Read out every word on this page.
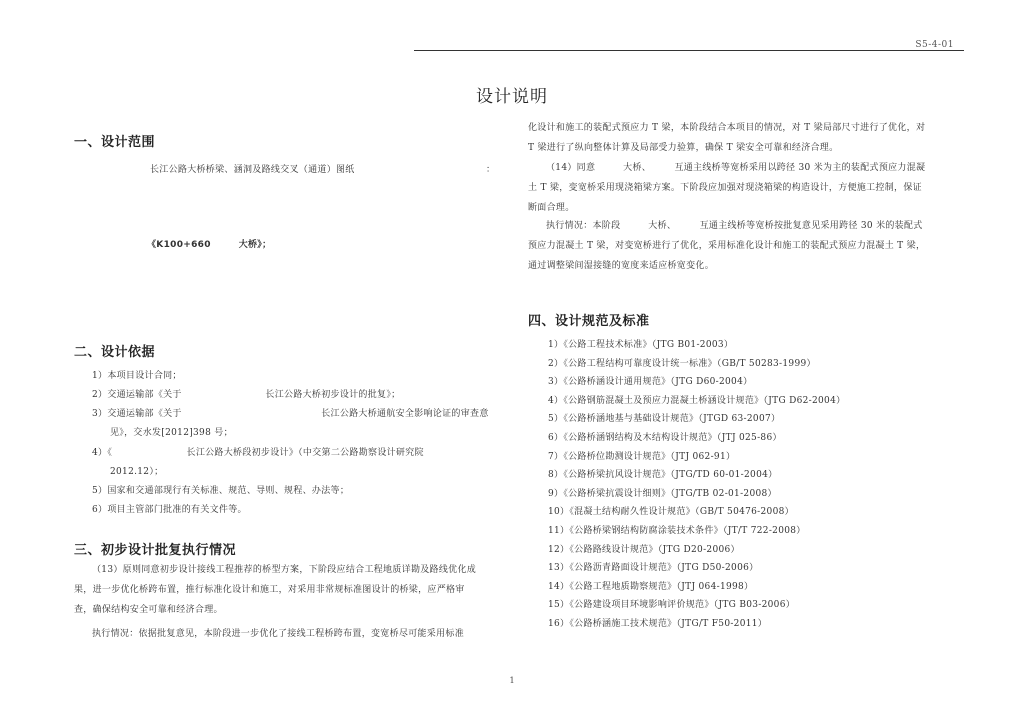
S5-4-01
设计说明
一、设计范围
长江公路大桥桥梁、涵洞及路线交叉（通道）图纸	：
《K100+660　　　大桥》；
二、设计依据
1）本项目设计合同；
2）交通运输部《关于　　　　　　　　　长江公路大桥初步设计的批复》；
3）交通运输部《关于　　　　　　　　　　　　　　　长江公路大桥通航安全影响论证的审查意
见》，交水发[2012]398 号；
4）《　　　　　　　　长江公路大桥段初步设计》（中交第二公路勘察设计研究院
2012.12）；
5）国家和交通部现行有关标准、规范、导则、规程、办法等；
6）项目主管部门批准的有关文件等。
三、初步设计批复执行情况
（13）原则同意初步设计接线工程推荐的桥型方案，下阶段应结合工程地质详勘及路线优化成
果，进一步优化桥跨布置，推行标准化设计和施工，对采用非常规标准图设计的桥梁，应严格审
查，确保结构安全可靠和经济合理。
执行情况：依据批复意见，本阶段进一步优化了接线工程桥跨布置，变宽桥尽可能采用标准
化设计和施工的装配式预应力 T 梁，本阶段结合本项目的情况，对 T 梁局部尺寸进行了优化，对
T 梁进行了纵向整体计算及局部受力验算，确保 T 梁安全可靠和经济合理。
（14）同意　　　大桥、　　　互通主线桥等宽桥采用以跨径 30 米为主的装配式预应力混凝
土 T 梁，变宽桥采用现浇箱梁方案。下阶段应加强对现浇箱梁的构造设计，方便施工控制，保证
断面合理。
执行情况：本阶段　　　大桥、　　　互通主线桥等宽桥按批复意见采用跨径 30 米的装配式
预应力混凝土 T 梁，对变宽桥进行了优化，采用标准化设计和施工的装配式预应力混凝土 T 梁，
通过调整梁间湿接缝的宽度来适应桥宽变化。
四、设计规范及标准
1）《公路工程技术标准》（JTG B01-2003）
2）《公路工程结构可靠度设计统一标准》（GB/T 50283-1999）
3）《公路桥涵设计通用规范》（JTG D60-2004）
4）《公路钢筋混凝土及预应力混凝土桥涵设计规范》（JTG D62-2004）
5）《公路桥涵地基与基础设计规范》（JTGD 63-2007）
6）《公路桥涵钢结构及木结构设计规范》（JTJ 025-86）
7）《公路桥位勘测设计规范》（JTJ 062-91）
8）《公路桥梁抗风设计规范》（JTG/TD 60-01-2004）
9）《公路桥梁抗震设计细则》（JTG/TB 02-01-2008）
10）《混凝土结构耐久性设计规范》（GB/T 50476-2008）
11）《公路桥梁钢结构防腐涂装技术条件》（JT/T 722-2008）
12）《公路路线设计规范》（JTG D20-2006）
13）《公路沥青路面设计规范》（JTG D50-2006）
14）《公路工程地质勘察规范》（JTJ 064-1998）
15）《公路建设项目环境影响评价规范》（JTG B03-2006）
16）《公路桥涵施工技术规范》（JTG/T F50-2011）
1
